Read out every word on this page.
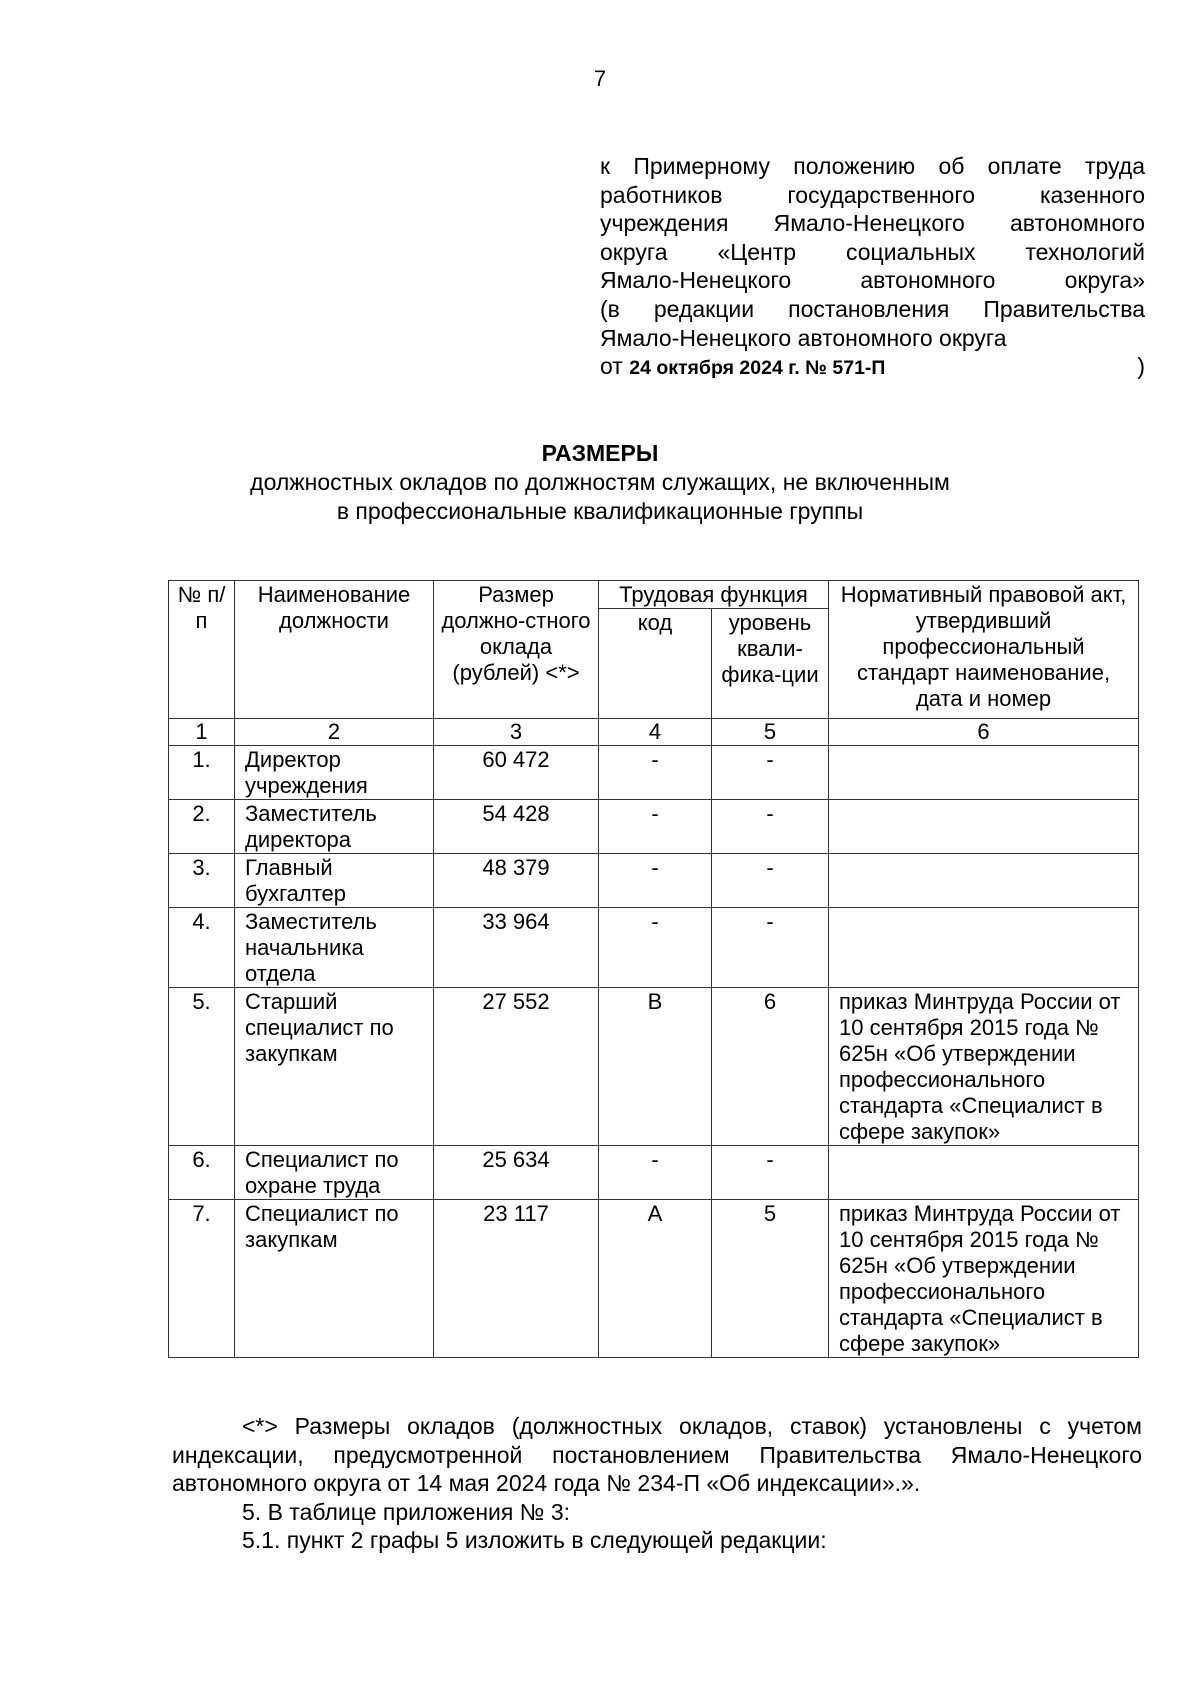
7
к Примерному положению об оплате труда
работников государственного казенного
учреждения Ямало-Ненецкого автономного
округа «Центр социальных технологий
Ямало-Ненецкого автономного округа»
(в редакции постановления Правительства
Ямало-Ненецкого автономного округа
от 24 октября 2024 г. № 571-П	)
РАЗМЕРЫ
должностных окладов по должностям служащих, не включенным
в профессиональные квалификационные группы
№ п/п	Наименование должности	Размер должно-стного оклада (рублей) <*>	Трудовая функция		Нормативный правовой акт, утвердивший профессиональный стандарт наименование, дата и номер
			код	уровень квали-фика-ции	
1	2	3	4	5	6
1.	Директор учреждения	60 472	-	-	
2.	Заместитель директора	54 428	-	-	
3.	Главный бухгалтер	48 379	-	-	
4.	Заместитель начальника отдела	33 964	-	-	
5.	Старший специалист по закупкам	27 552	В	6	приказ Минтруда России от 10 сентября 2015 года № 625н «Об утверждении профессионального стандарта «Специалист в сфере закупок»
6.	Специалист по охране труда	25 634	-	-	
7.	Специалист по закупкам	23 117	А	5	приказ Минтруда России от 10 сентября 2015 года № 625н «Об утверждении профессионального стандарта «Специалист в сфере закупок»

<*> Размеры окладов (должностных окладов, ставок) установлены с учетом индексации, предусмотренной постановлением Правительства Ямало-Ненецкого автономного округа от 14 мая 2024 года № 234-П «Об индексации».».

5. В таблице приложения № 3:

5.1. пункт 2 графы 5 изложить в следующей редакции:
